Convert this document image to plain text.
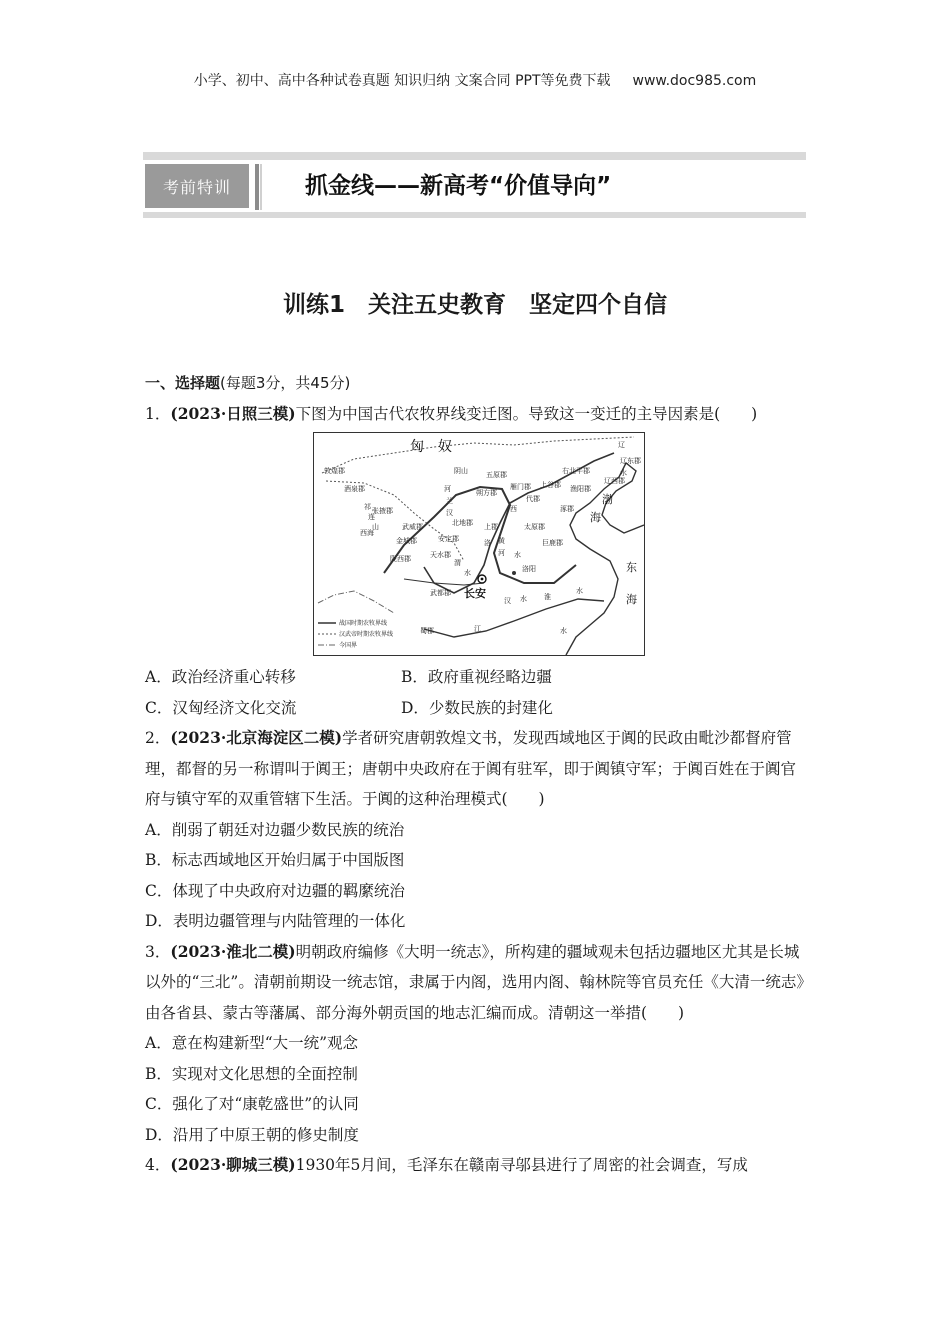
小学、初中、高中各种试卷真题 知识归纳 文案合同 PPT等免费下载 www.doc985.com
考前特训	抓金线——新高考“价值导向”
训练1　关注五史教育　坚定四个自信

一、选择题(每题3分，共45分)

1．(2023·日照三模)下图为中国古代农牧界线变迁图。导致这一变迁的主导因素是(　　)

敦煌郡
酒泉郡
张掖郡
武威郡
金城郡
陇西郡	天水郡
安定郡
北地郡 上郡
朔方郡
五原郡
雁门郡
代郡
上谷郡 渔阳郡
右北平郡
辽西郡
辽东郡
涿郡
太原郡
巨鹿郡
洛阳
武都郡
蜀郡
西海
阴山
祁
连
山
河
兰
汉	西
黄
河
洛
渭
水
汉 水 淮
水
江	水
辽
水
水
匈　奴
长安
渤
海
东
海
战国时期农牧界线
汉武帝时期农牧界线
今国界

A．政治经济重心转移	B．政府重视经略边疆

C．汉匈经济文化交流	D．少数民族的封建化

2．(2023·北京海淀区二模)学者研究唐朝敦煌文书，发现西域地区于阗的民政由毗沙都督府管理，都督的另一称谓叫于阗王；唐朝中央政府在于阗有驻军，即于阗镇守军；于阗百姓在于阗官府与镇守军的双重管辖下生活。于阗的这种治理模式(　　)

A．削弱了朝廷对边疆少数民族的统治

B．标志西域地区开始归属于中国版图

C．体现了中央政府对边疆的羁縻统治

D．表明边疆管理与内陆管理的一体化

3．(2023·淮北二模)明朝政府编修《大明一统志》，所构建的疆域观未包括边疆地区尤其是长城以外的“三北”。清朝前期设一统志馆，隶属于内阁，选用内阁、翰林院等官员充任《大清一统志》由各省县、蒙古等藩属、部分海外朝贡国的地志汇编而成。清朝这一举措(　　)

A．意在构建新型“大一统”观念

B．实现对文化思想的全面控制

C．强化了对“康乾盛世”的认同

D．沿用了中原王朝的修史制度

4．(2023·聊城三模)1930年5月间，毛泽东在赣南寻邬县进行了周密的社会调查，写成
